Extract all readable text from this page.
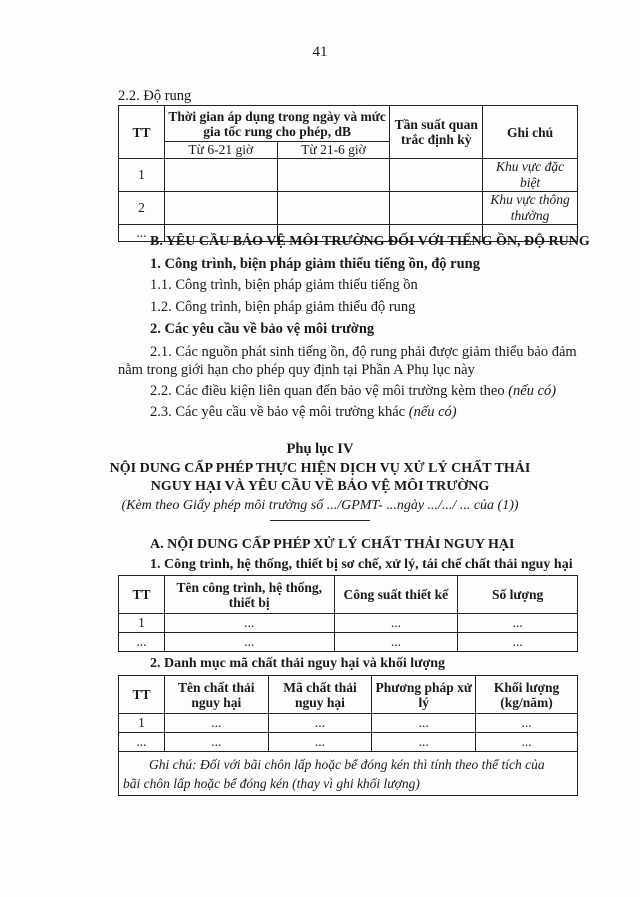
41
2.2. Độ rung
TT	Thời gian áp dụng trong ngày và mức gia tốc rung cho phép, dB		Tần suất quan trắc định kỳ	Ghi chú
	Từ 6-21 giờ	Từ 21-6 giờ		
1				Khu vực đặc biệt
2				Khu vực thông thường
...				
B. YÊU CẦU BẢO VỆ MÔI TRƯỜNG ĐỐI VỚI TIẾNG ỒN, ĐỘ RUNG
1. Công trình, biện pháp giảm thiểu tiếng ồn, độ rung
1.1. Công trình, biện pháp giảm thiểu tiếng ồn
1.2. Công trình, biện pháp giảm thiểu độ rung
2. Các yêu cầu về bảo vệ môi trường
2.1. Các nguồn phát sinh tiếng ồn, độ rung phải được giảm thiểu bảo đảm
nằm trong giới hạn cho phép quy định tại Phần A Phụ lục này
2.2. Các điều kiện liên quan đến bảo vệ môi trường kèm theo (nếu có)
2.3. Các yêu cầu về bảo vệ môi trường khác (nếu có)
Phụ lục IV
NỘI DUNG CẤP PHÉP THỰC HIỆN DỊCH VỤ XỬ LÝ CHẤT THẢI
NGUY HẠI VÀ YÊU CẦU VỀ BẢO VỆ MÔI TRƯỜNG
(Kèm theo Giấy phép môi trường số .../GPMT- ...ngày .../.../ ... của (1))
A. NỘI DUNG CẤP PHÉP XỬ LÝ CHẤT THẢI NGUY HẠI
1. Công trình, hệ thống, thiết bị sơ chế, xử lý, tái chế chất thải nguy hại
TT	Tên công trình, hệ thống, thiết bị	Công suất thiết kế	Số lượng
1	...	...	...
...	...	...	...
2. Danh mục mã chất thải nguy hại và khối lượng
TT	Tên chất thải nguy hại	Mã chất thải nguy hại	Phương pháp xử lý	Khối lượng (kg/năm)
1	...	...	...	...
...	...	...	...	...

Ghi chú: Đối với bãi chôn lấp hoặc bể đóng kén thì tính theo thể tích của
bãi chôn lấp hoặc bể đóng kén (thay vì ghi khối lượng)				
